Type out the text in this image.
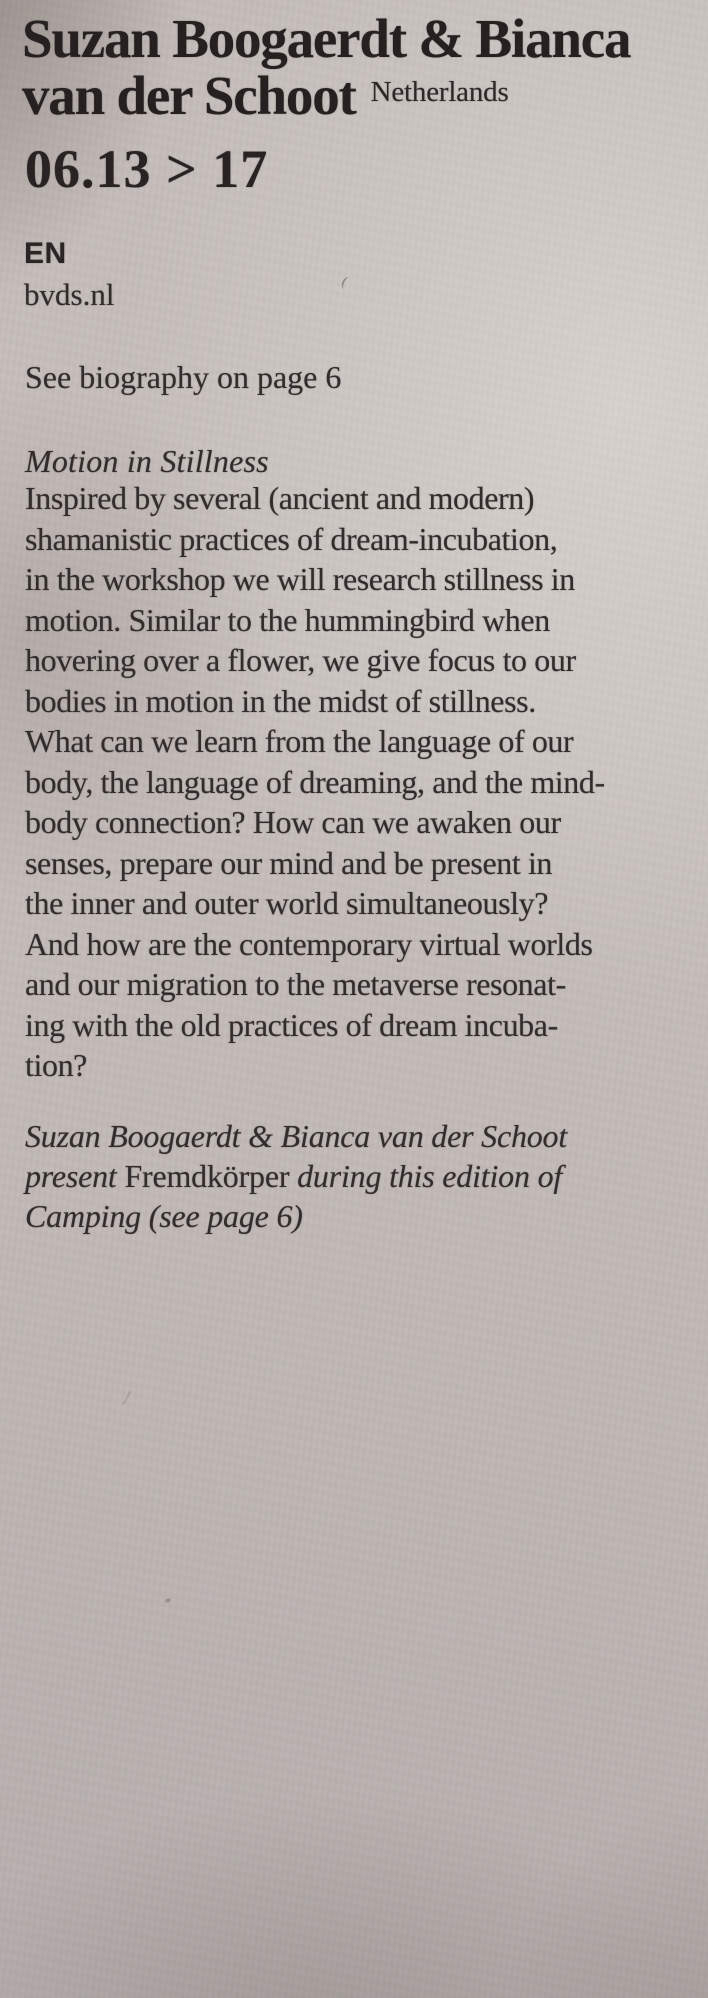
Suzan Boogaerdt & Bianca
van der Schoot Netherlands
06.13 > 17
EN
bvds.nl
See biography on page 6
Motion in Stillness
Inspired by several (ancient and modern)
shamanistic practices of dream-incubation,
in the workshop we will research stillness in
motion. Similar to the hummingbird when
hovering over a flower, we give focus to our
bodies in motion in the midst of stillness.
What can we learn from the language of our
body, the language of dreaming, and the mind-
body connection? How can we awaken our
senses, prepare our mind and be present in
the inner and outer world simultaneously?
And how are the contemporary virtual worlds
and our migration to the metaverse resonat-
ing with the old practices of dream incuba-
tion?
Suzan Boogaerdt & Bianca van der Schoot
present Fremdkörper during this edition of
Camping (see page 6)
